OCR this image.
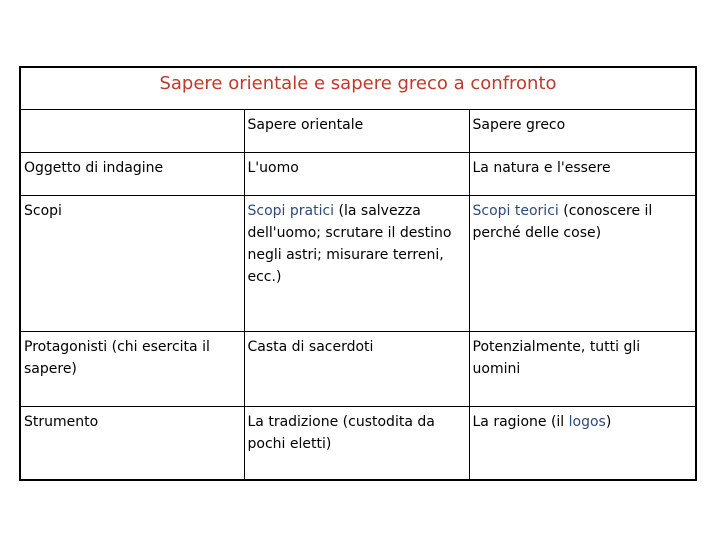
Sapere orientale e sapere greco a confronto		
	Sapere orientale	Sapere greco
Oggetto di indagine	L'uomo	La natura e l'essere
Scopi	Scopi pratici (la salvezza dell'uomo; scrutare il destino negli astri; misurare terreni, ecc.)	Scopi teorici (conoscere il perché delle cose)
Protagonisti (chi esercita il sapere)	Casta di sacerdoti	Potenzialmente, tutti gli uomini
Strumento	La tradizione (custodita da pochi eletti)	La ragione (il logos)
